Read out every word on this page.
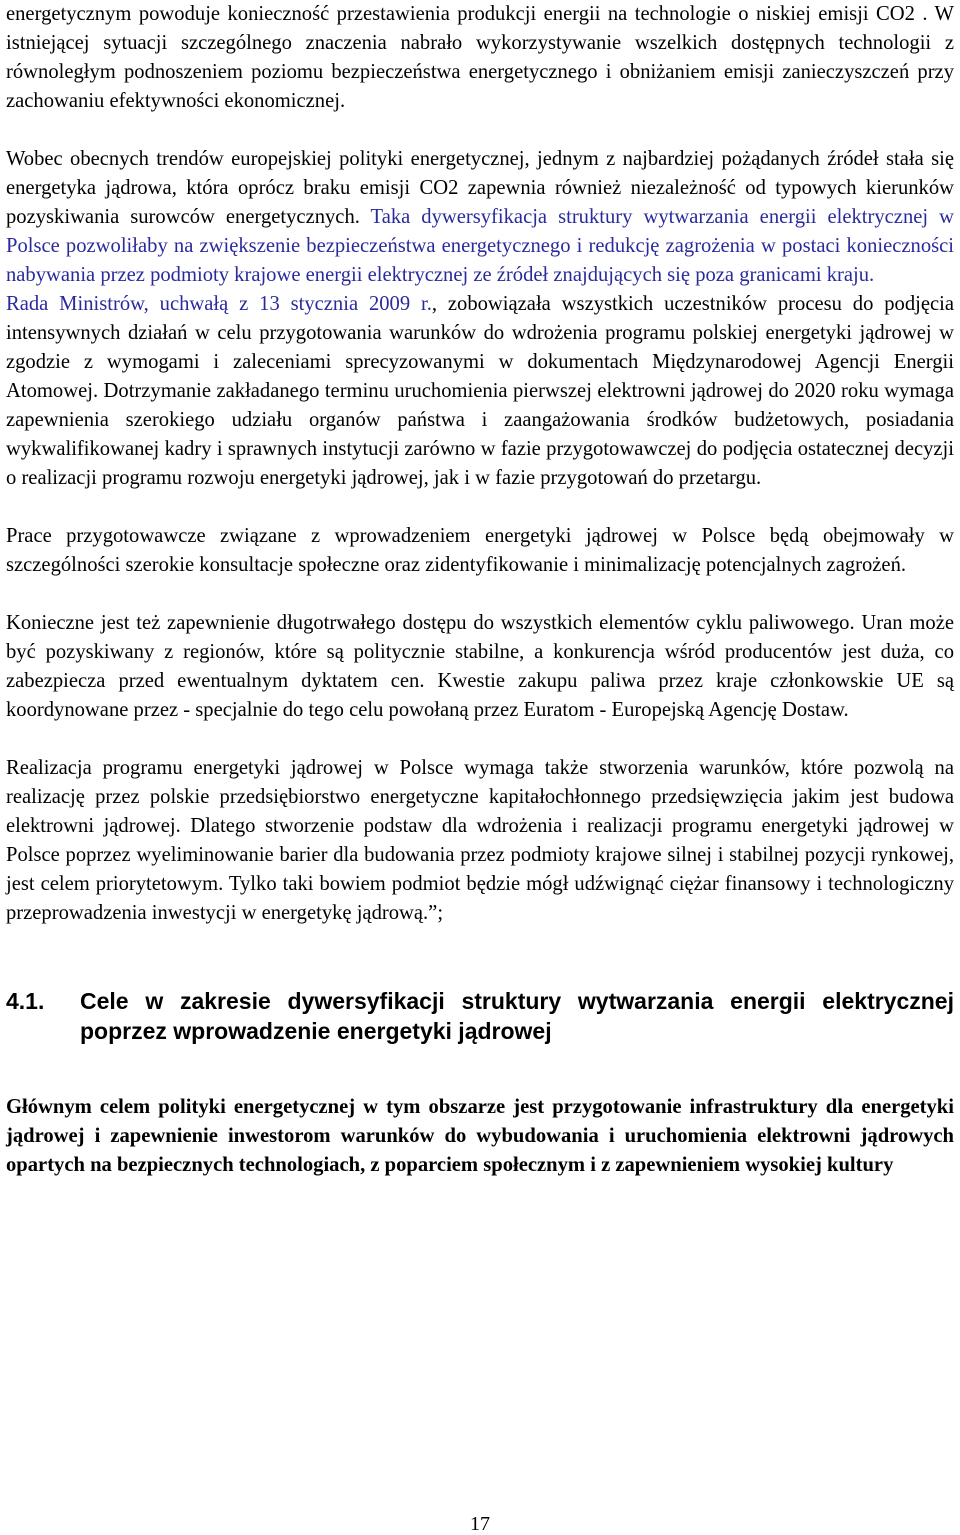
energetycznym powoduje konieczność przestawienia produkcji energii na technologie o niskiej emisji CO2 . W istniejącej sytuacji szczególnego znaczenia nabrało wykorzystywanie wszelkich dostępnych technologii z równoległym podnoszeniem poziomu bezpieczeństwa energetycznego i obniżaniem emisji zanieczyszczeń przy zachowaniu efektywności ekonomicznej.

Wobec obecnych trendów europejskiej polityki energetycznej, jednym z najbardziej pożądanych źródeł stała się energetyka jądrowa, która oprócz braku emisji CO2 zapewnia również niezależność od typowych kierunków pozyskiwania surowców energetycznych. Taka dywersyfikacja struktury wytwarzania energii elektrycznej w Polsce pozwoliłaby na zwiększenie bezpieczeństwa energetycznego i redukcję zagrożenia w postaci konieczności nabywania przez podmioty krajowe energii elektrycznej ze źródeł znajdujących się poza granicami kraju.

Rada Ministrów, uchwałą z 13 stycznia 2009 r., zobowiązała wszystkich uczestników procesu do podjęcia intensywnych działań w celu przygotowania warunków do wdrożenia programu polskiej energetyki jądrowej w zgodzie z wymogami i zaleceniami sprecyzowanymi w dokumentach Międzynarodowej Agencji Energii Atomowej. Dotrzymanie zakładanego terminu uruchomienia pierwszej elektrowni jądrowej do 2020 roku wymaga zapewnienia szerokiego udziału organów państwa i zaangażowania środków budżetowych, posiadania wykwalifikowanej kadry i sprawnych instytucji zarówno w fazie przygotowawczej do podjęcia ostatecznej decyzji o realizacji programu rozwoju energetyki jądrowej, jak i w fazie przygotowań do przetargu.

Prace przygotowawcze związane z wprowadzeniem energetyki jądrowej w Polsce będą obejmowały w szczególności szerokie konsultacje społeczne oraz zidentyfikowanie i minimalizację potencjalnych zagrożeń.

Konieczne jest też zapewnienie długotrwałego dostępu do wszystkich elementów cyklu paliwowego. Uran może być pozyskiwany z regionów, które są politycznie stabilne, a konkurencja wśród producentów jest duża, co zabezpiecza przed ewentualnym dyktatem cen. Kwestie zakupu paliwa przez kraje członkowskie UE są koordynowane przez - specjalnie do tego celu powołaną przez Euratom - Europejską Agencję Dostaw.

Realizacja programu energetyki jądrowej w Polsce wymaga także stworzenia warunków, które pozwolą na realizację przez polskie przedsiębiorstwo energetyczne kapitałochłonnego przedsięwzięcia jakim jest budowa elektrowni jądrowej. Dlatego stworzenie podstaw dla wdrożenia i realizacji programu energetyki jądrowej w Polsce poprzez wyeliminowanie barier dla budowania przez podmioty krajowe silnej i stabilnej pozycji rynkowej, jest celem priorytetowym. Tylko taki bowiem podmiot będzie mógł udźwignąć ciężar finansowy i technologiczny przeprowadzenia inwestycji w energetykę jądrową.”;

4.1.	Cele w zakresie dywersyfikacji struktury wytwarzania energii elektrycznej poprzez wprowadzenie energetyki jądrowej

Głównym celem polityki energetycznej w tym obszarze jest przygotowanie infrastruktury dla energetyki jądrowej i zapewnienie inwestorom warunków do wybudowania i uruchomienia elektrowni jądrowych opartych na bezpiecznych technologiach, z poparciem społecznym i z zapewnieniem wysokiej kultury

17
